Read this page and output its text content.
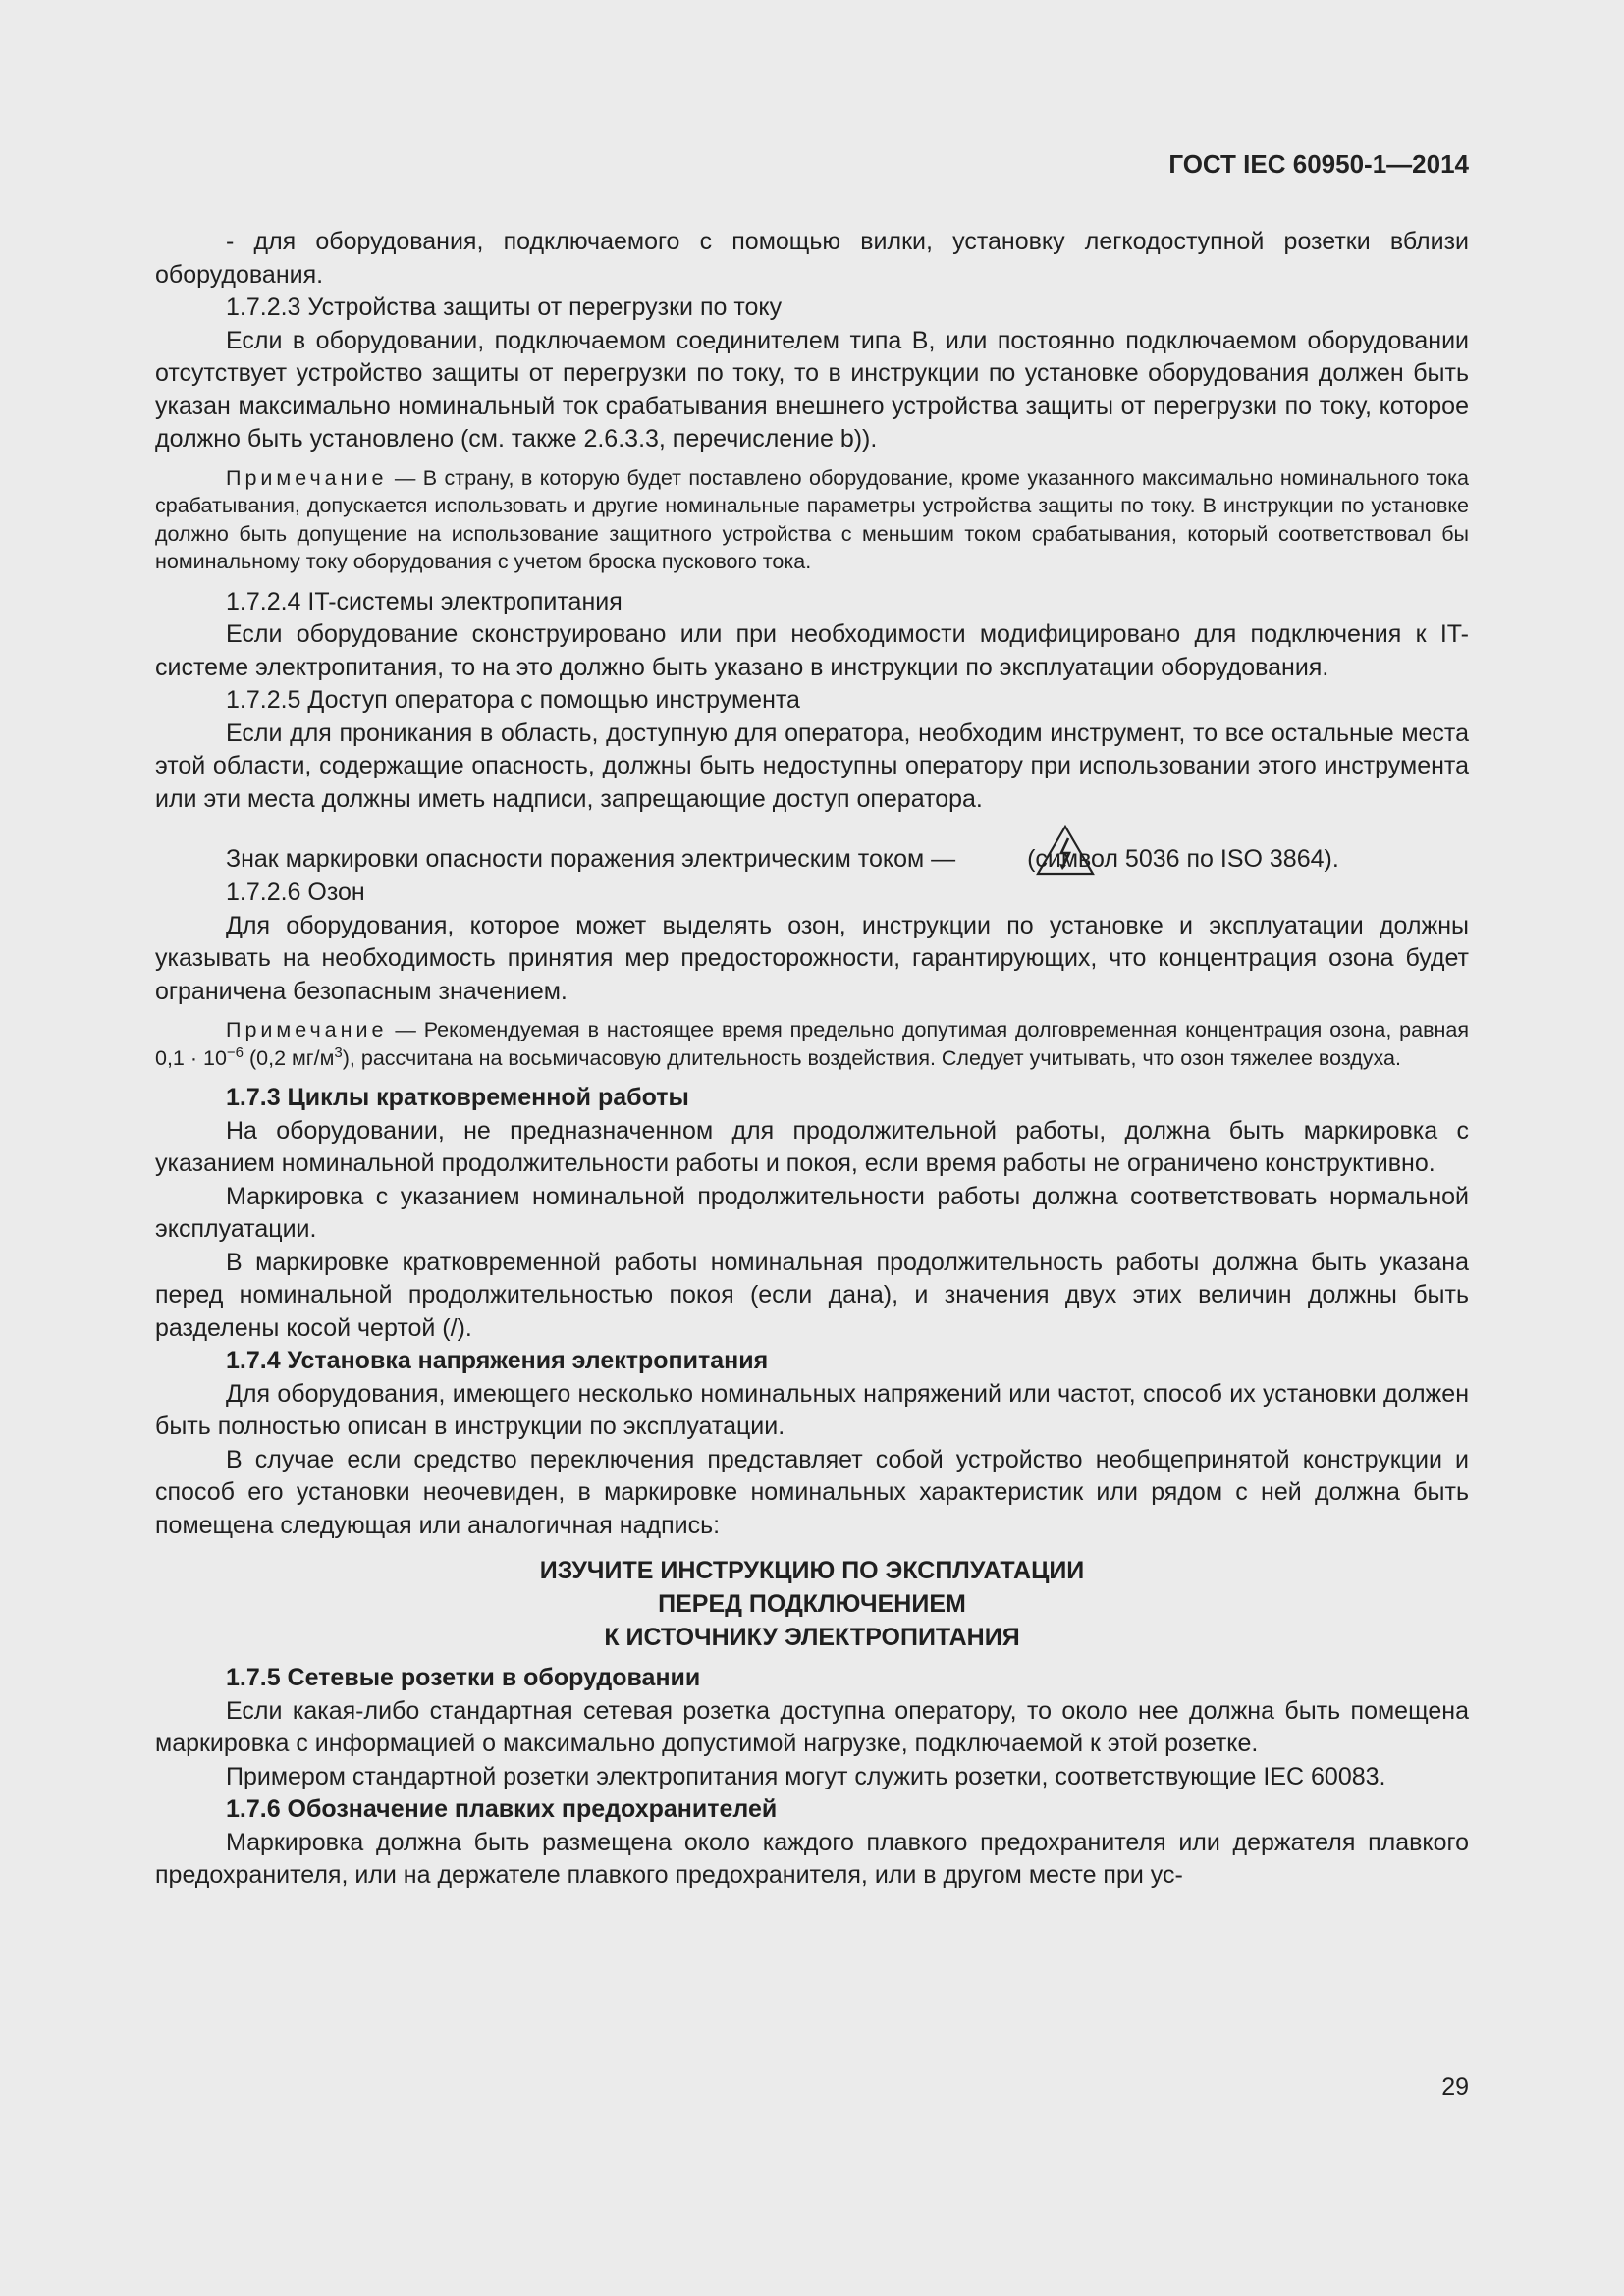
ГОСТ IEC 60950-1—2014

- для оборудования, подключаемого с помощью вилки, установку легкодоступной розетки вблизи оборудования.

1.7.2.3 Устройства защиты от перегрузки по току

Если в оборудовании, подключаемом соединителем типа В, или постоянно подключаемом оборудовании отсутствует устройство защиты от перегрузки по току, то в инструкции по установке оборудования должен быть указан максимально номинальный ток срабатывания внешнего устройства защиты от перегрузки по току, которое должно быть установлено (см. также 2.6.3.3, перечисление b)).

Примечание — В страну, в которую будет поставлено оборудование, кроме указанного максимально номинального тока срабатывания, допускается использовать и другие номинальные параметры устройства защиты по току. В инструкции по установке должно быть допущение на использование защитного устройства с меньшим током срабатывания, который соответствовал бы номинальному току оборудования с учетом броска пускового тока.

1.7.2.4 IT-системы электропитания

Если оборудование сконструировано или при необходимости модифицировано для подключения к IT-системе электропитания, то на это должно быть указано в инструкции по эксплуатации оборудования.

1.7.2.5 Доступ оператора с помощью инструмента

Если для проникания в область, доступную для оператора, необходим инструмент, то все остальные места этой области, содержащие опасность, должны быть недоступны оператору при использовании этого инструмента или эти места должны иметь надписи, запрещающие доступ оператора.

Знак маркировки опасности поражения электрическим током —	(символ 5036 по ISO 3864).

1.7.2.6 Озон

Для оборудования, которое может выделять озон, инструкции по установке и эксплуатации должны указывать на необходимость принятия мер предосторожности, гарантирующих, что концентрация озона будет ограничена безопасным значением.

Примечание — Рекомендуемая в настоящее время предельно допутимая долговременная концентрация озона, равная $0,1 \cdot 10^{-6}$ (0,2 $мг/м^3$), рассчитана на восьмичасовую длительность воздействия. Следует учитывать, что озон тяжелее воздуха.

1.7.3 Циклы кратковременной работы

На оборудовании, не предназначенном для продолжительной работы, должна быть маркировка с указанием номинальной продолжительности работы и покоя, если время работы не ограничено конструктивно.

Маркировка с указанием номинальной продолжительности работы должна соответствовать нормальной эксплуатации.

В маркировке кратковременной работы номинальная продолжительность работы должна быть указана перед номинальной продолжительностью покоя (если дана), и значения двух этих величин должны быть разделены косой чертой (/).

1.7.4 Установка напряжения электропитания

Для оборудования, имеющего несколько номинальных напряжений или частот, способ их установки должен быть полностью описан в инструкции по эксплуатации.

В случае если средство переключения представляет собой устройство необщепринятой конструкции и способ его установки неочевиден, в маркировке номинальных характеристик или рядом с ней должна быть помещена следующая или аналогичная надпись:

ИЗУЧИТЕ ИНСТРУКЦИЮ ПО ЭКСПЛУАТАЦИИ
ПЕРЕД ПОДКЛЮЧЕНИЕМ
К ИСТОЧНИКУ ЭЛЕКТРОПИТАНИЯ

1.7.5 Сетевые розетки в оборудовании

Если какая-либо стандартная сетевая розетка доступна оператору, то около нее должна быть помещена маркировка с информацией о максимально допустимой нагрузке, подключаемой к этой розетке.

Примером стандартной розетки электропитания могут служить розетки, соответствующие IEC 60083.

1.7.6 Обозначение плавких предохранителей

Маркировка должна быть размещена около каждого плавкого предохранителя или держателя плавкого предохранителя, или на держателе плавкого предохранителя, или в другом месте при ус-

29
